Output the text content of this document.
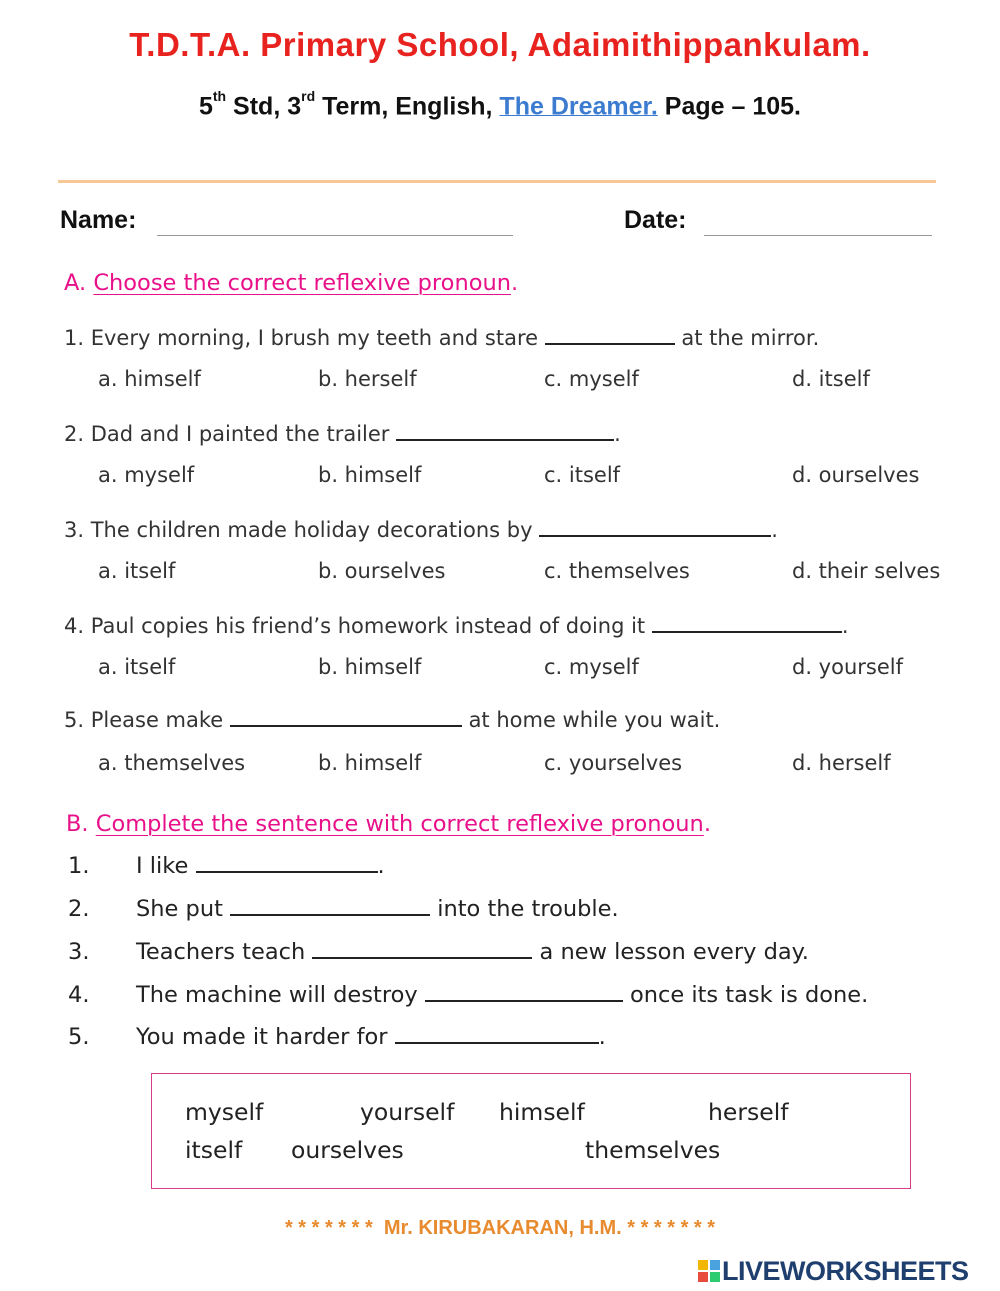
T.D.T.A. Primary School, Adaimithippankulam.
5th Std, 3rd Term, English, The Dreamer. Page – 105.
Name:	Date:
A. Choose the correct reflexive pronoun.
1. Every morning, I brush my teeth and stare	at the mirror.
a. himself	b. herself	c. myself	d. itself
2. Dad and I painted the trailer	.
a. myself	b. himself	c. itself	d. ourselves
3. The children made holiday decorations by	.
a. itself	b. ourselves	c. themselves	d. their selves
4. Paul copies his friend’s homework instead of doing it	.
a. itself	b. himself	c. myself	d. yourself
5. Please make	at home while you wait.
a. themselves	b. himself	c. yourselves	d. herself
B. Complete the sentence with correct reflexive pronoun.
1. I like	.
2. She put	into the trouble.
3. Teachers teach	a new lesson every day.
4. The machine will destroy	once its task is done.
5. You made it harder for	.
myself	yourself himself	herself
itself ourselves	themselves
* * * * * * * Mr. KIRUBAKARAN, H.M. * * * * * * *
LIVEWORKSHEETS
